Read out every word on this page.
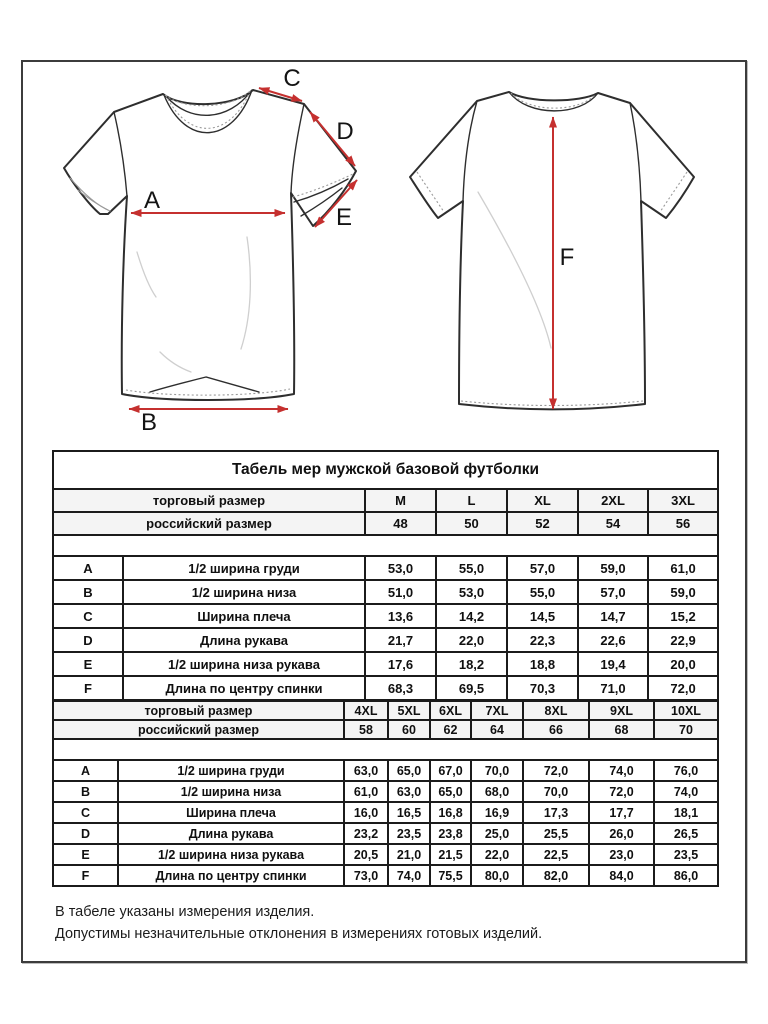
A
B
C
D
E
F
Табель мер мужской базовой футболки						
торговый размер		M	L	XL	2XL	3XL
российский размер		48	50	52	54	56

A	1/2 ширина груди	53,0	55,0	57,0	59,0	61,0
B	1/2 ширина низа	51,0	53,0	55,0	57,0	59,0
C	Ширина плеча	13,6	14,2	14,5	14,7	15,2
D	Длина рукава	21,7	22,0	22,3	22,6	22,9
E	1/2 ширина низа рукава	17,6	18,2	18,8	19,4	20,0
F	Длина по центру спинки	68,3	69,5	70,3	71,0	72,0
торговый размер		4XL	5XL	6XL	7XL	8XL	9XL	10XL
российский размер		58	60	62	64	66	68	70

A	1/2 ширина груди	63,0	65,0	67,0	70,0	72,0	74,0	76,0
B	1/2 ширина низа	61,0	63,0	65,0	68,0	70,0	72,0	74,0
C	Ширина плеча	16,0	16,5	16,8	16,9	17,3	17,7	18,1
D	Длина рукава	23,2	23,5	23,8	25,0	25,5	26,0	26,5
E	1/2 ширина низа рукава	20,5	21,0	21,5	22,0	22,5	23,0	23,5
F	Длина по центру спинки	73,0	74,0	75,5	80,0	82,0	84,0	86,0
В табеле указаны измерения изделия.
Допустимы незначительные отклонения в измерениях готовых изделий.
